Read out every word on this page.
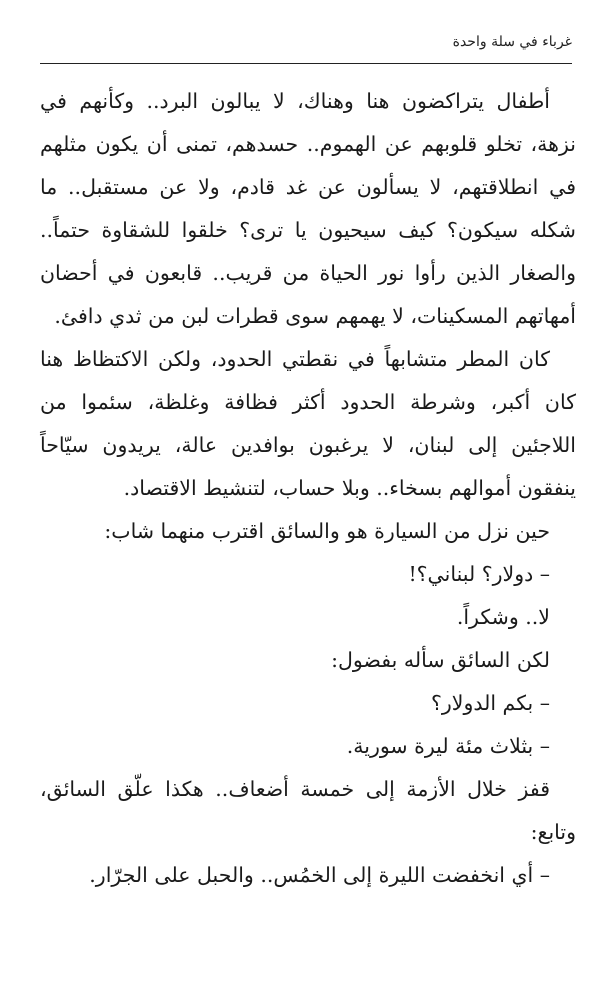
غرباء في سلة واحدة

أطفال يتراكضون هنا وهناك، لا يبالون البرد.. وكأنهم في نزهة، تخلو قلوبهم عن الهموم.. حسدهم، تمنى أن يكون مثلهم في انطلاقتهم، لا يسألون عن غد قادم، ولا عن مستقبل.. ما شكله سيكون؟ كيف سيحيون يا ترى؟ خلقوا للشقاوة حتماً.. والصغار الذين رأوا نور الحياة من قريب.. قابعون في أحضان أمهاتهم المسكينات، لا يهمهم سوى قطرات لبن من ثدي دافئ.

كان المطر متشابهاً في نقطتي الحدود، ولكن الاكتظاظ هنا كان أكبر، وشرطة الحدود أكثر فظافة وغلظة، سئموا من اللاجئين إلى لبنان، لا يرغبون بوافدين عالة، يريدون سيّاحاً ينفقون أموالهم بسخاء.. وبلا حساب، لتنشيط الاقتصاد.

حين نزل من السيارة هو والسائق اقترب منهما شاب:

– دولار؟ لبناني؟!

لا.. وشكراً.

لكن السائق سأله بفضول:

– بكم الدولار؟

– بثلاث مئة ليرة سورية.

قفز خلال الأزمة إلى خمسة أضعاف.. هكذا علّق السائق، وتابع:

– أي انخفضت الليرة إلى الخمُس.. والحبل على الجرّار.
